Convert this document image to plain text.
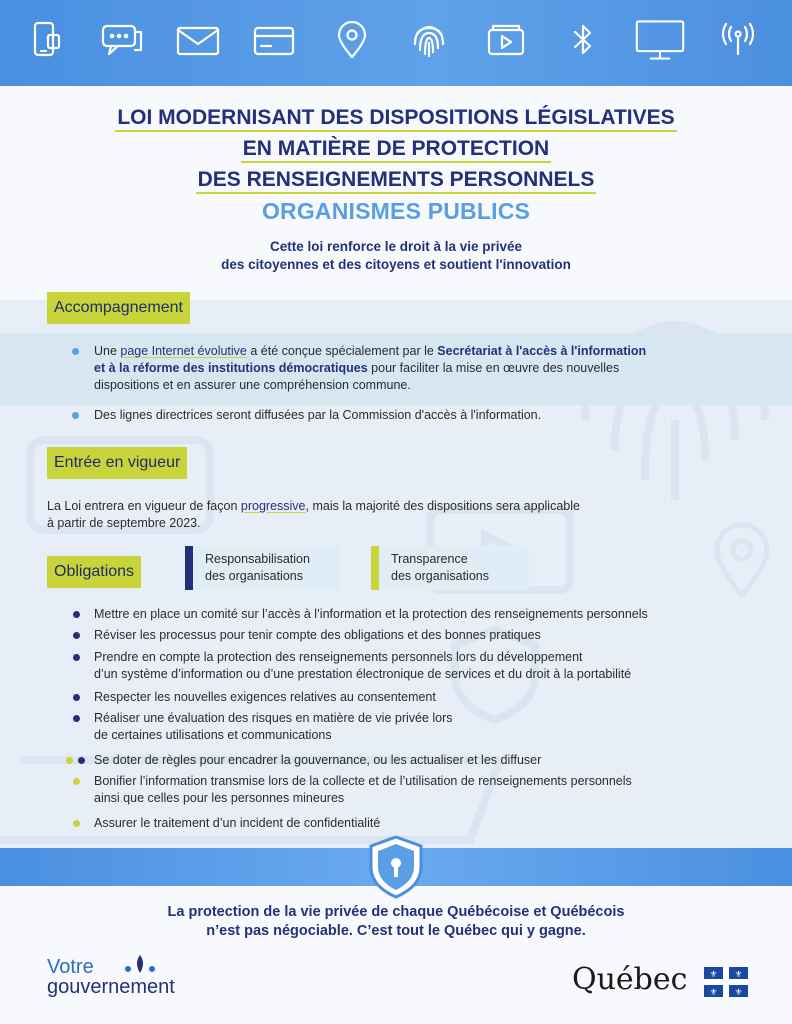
LOI MODERNISANT DES DISPOSITIONS LÉGISLATIVES
EN MATIÈRE DE PROTECTION
DES RENSEIGNEMENTS PERSONNELS
ORGANISMES PUBLICS
Cette loi renforce le droit à la vie privée
des citoyennes et des citoyens et soutient l'innovation
Accompagnement
Une page Internet évolutive a été conçue spécialement par le Secrétariat à l'accès à l'information
et à la réforme des institutions démocratiques pour faciliter la mise en œuvre des nouvelles
dispositions et en assurer une compréhension commune.
Des lignes directrices seront diffusées par la Commission d'accès à l'information.
Entrée en vigueur
La Loi entrera en vigueur de façon progressive, mais la majorité des dispositions sera applicable
à partir de septembre 2023.
Obligations
Responsabilisation
des organisations
Transparence
des organisations
Mettre en place un comité sur l’accès à l’information et la protection des renseignements personnels
Réviser les processus pour tenir compte des obligations et des bonnes pratiques
Prendre en compte la protection des renseignements personnels lors du développement
d’un système d’information ou d’une prestation électronique de services et du droit à la portabilité
Respecter les nouvelles exigences relatives au consentement
Réaliser une évaluation des risques en matière de vie privée lors
de certaines utilisations et communications
Se doter de règles pour encadrer la gouvernance, ou les actualiser et les diffuser
Bonifier l’information transmise lors de la collecte et de l’utilisation de renseignements personnels
ainsi que celles pour les personnes mineures
Assurer le traitement d’un incident de confidentialité
La protection de la vie privée de chaque Québécoise et Québécois
n’est pas négociable. C’est tout le Québec qui y gagne.
Votre
gouvernement	Québec ⚜ ⚜
⚜ ⚜
